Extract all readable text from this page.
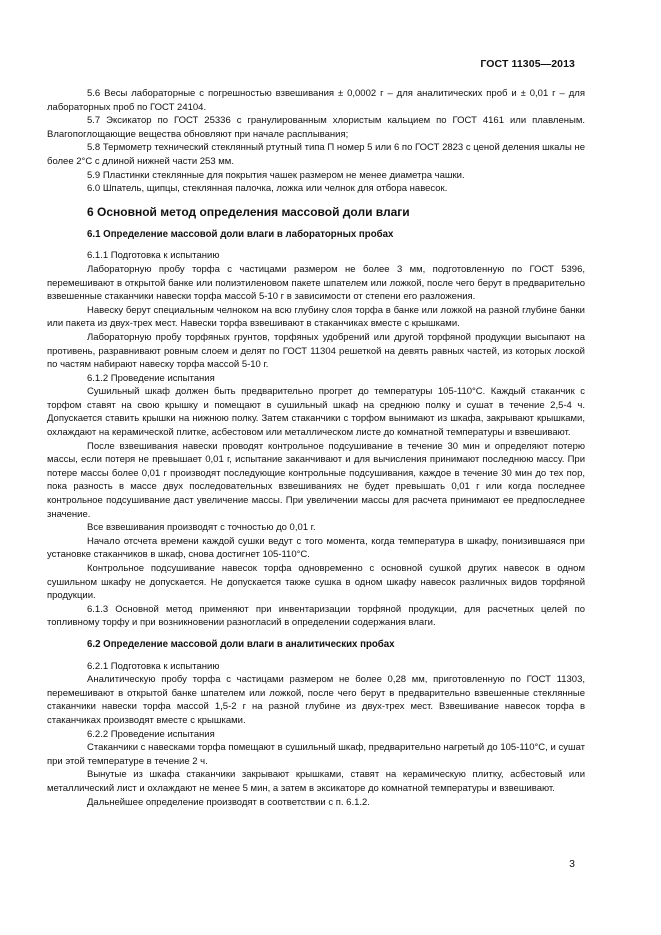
ГОСТ 11305—2013

5.6 Весы лабораторные с погрешностью взвешивания ± 0,0002 г – для аналитических проб и ± 0,01 г – для лабораторных проб по ГОСТ 24104.

5.7 Эксикатор по ГОСТ 25336 с гранулированным хлористым кальцием по ГОСТ 4161 или плавленым. Влагопоглощающие вещества обновляют при начале расплывания;

5.8 Термометр технический стеклянный ртутный типа П номер 5 или 6 по ГОСТ 2823 с ценой деления шкалы не более 2°С с длиной нижней части 253 мм.

5.9 Пластинки стеклянные для покрытия чашек размером не менее диаметра чашки.

6.0 Шпатель, щипцы, стеклянная палочка, ложка или челнок для отбора навесок.

6 Основной метод определения массовой доли влаги

6.1 Определение массовой доли влаги в лабораторных пробах

6.1.1 Подготовка к испытанию

Лабораторную пробу торфа с частицами размером не более 3 мм, подготовленную по ГОСТ 5396, перемешивают в открытой банке или полиэтиленовом пакете шпателем или ложкой, после чего берут в предварительно взвешенные стаканчики навески торфа массой 5-10 г в зависимости от степени его разложения.

Навеску берут специальным челноком на всю глубину слоя торфа в банке или ложкой на разной глубине банки или пакета из двух-трех мест. Навески торфа взвешивают в стаканчиках вместе с крышками.

Лабораторную пробу торфяных грунтов, торфяных удобрений или другой торфяной продукции высыпают на противень, разравнивают ровным слоем и делят по ГОСТ 11304 решеткой на девять равных частей, из которых лоской по частям набирают навеску торфа массой 5-10 г.

6.1.2 Проведение испытания

Сушильный шкаф должен быть предварительно прогрет до температуры 105-110°С. Каждый стаканчик с торфом ставят на свою крышку и помещают в сушильный шкаф на среднюю полку и сушат в течение 2,5-4 ч. Допускается ставить крышки на нижнюю полку. Затем стаканчики с торфом вынимают из шкафа, закрывают крышками, охлаждают на керамической плитке, асбестовом или металлическом листе до комнатной температуры и взвешивают.

После взвешивания навески проводят контрольное подсушивание в течение 30 мин и определяют потерю массы, если потеря не превышает 0,01 г, испытание заканчивают и для вычисления принимают последнюю массу. При потере массы более 0,01 г производят последующие контрольные подсушивания, каждое в течение 30 мин до тех пор, пока разность в массе двух последовательных взвешиваниях не будет превышать 0,01 г или когда последнее контрольное подсушивание даст увеличение массы. При увеличении массы для расчета принимают ее предпоследнее значение.

Все взвешивания производят с точностью до 0,01 г.

Начало отсчета времени каждой сушки ведут с того момента, когда температура в шкафу, понизившаяся при установке стаканчиков в шкаф, снова достигнет 105-110°С.

Контрольное подсушивание навесок торфа одновременно с основной сушкой других навесок в одном сушильном шкафу не допускается. Не допускается также сушка в одном шкафу навесок различных видов торфяной продукции.

6.1.3 Основной метод применяют при инвентаризации торфяной продукции, для расчетных целей по топливному торфу и при возникновении разногласий в определении содержания влаги.

6.2 Определение массовой доли влаги в аналитических пробах

6.2.1 Подготовка к испытанию

Аналитическую пробу торфа с частицами размером не более 0,28 мм, приготовленную по ГОСТ 11303, перемешивают в открытой банке шпателем или ложкой, после чего берут в предварительно взвешенные стеклянные стаканчики навески торфа массой 1,5-2 г на разной глубине из двух-трех мест. Взвешивание навесок торфа в стаканчиках производят вместе с крышками.

6.2.2 Проведение испытания

Стаканчики с навесками торфа помещают в сушильный шкаф, предварительно нагретый до 105-110°С, и сушат при этой температуре в течение 2 ч.

Вынутые из шкафа стаканчики закрывают крышками, ставят на керамическую плитку, асбестовый или металлический лист и охлаждают не менее 5 мин, а затем в эксикаторе до комнатной температуры и взвешивают.

Дальнейшее определение производят в соответствии с п. 6.1.2.

3
